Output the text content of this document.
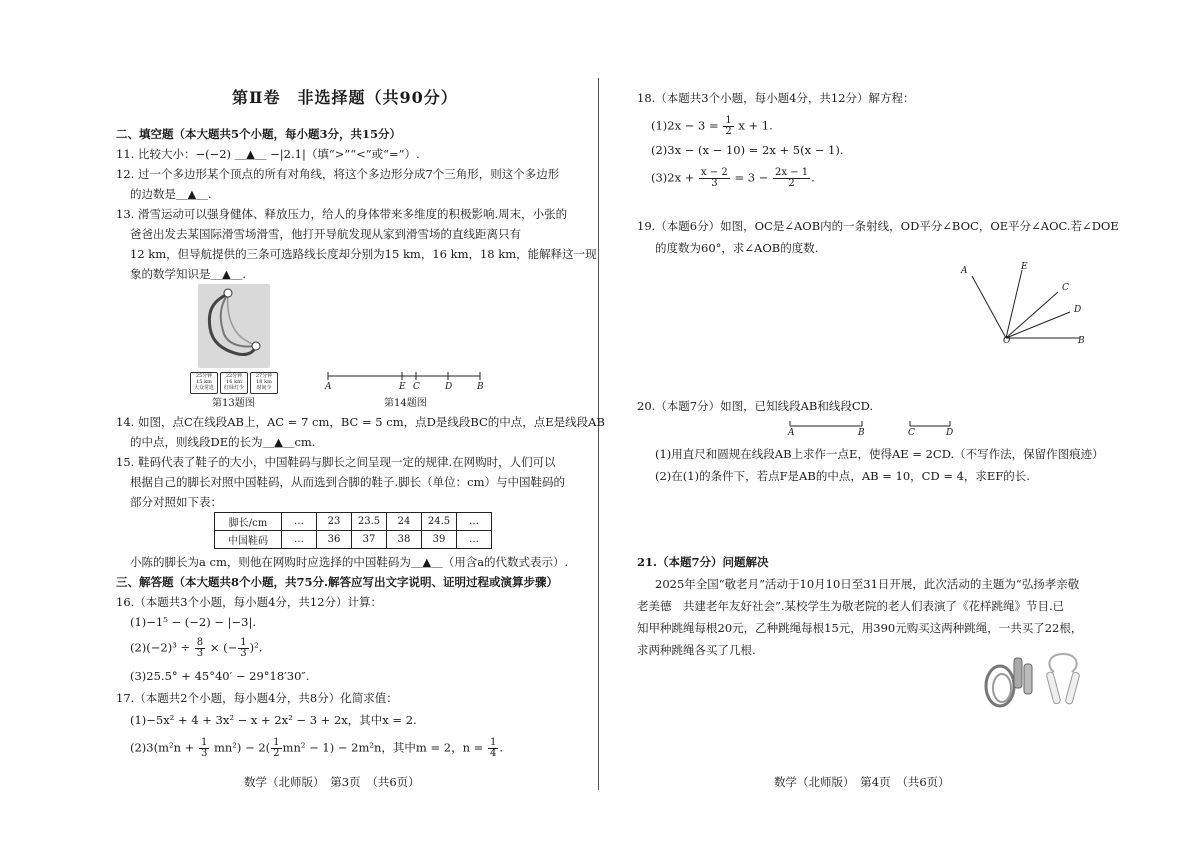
第Ⅱ卷　非选择题（共90分）
二、填空题（本大题共5个小题，每小题3分，共15分）
11. 比较大小：−(−2) ＿▲＿ −|2.1|（填“>”“<”或“=”）.
12. 过一个多边形某个顶点的所有对角线，将这个多边形分成7个三角形，则这个多边形
的边数是＿▲＿.
13. 滑雪运动可以强身健体、释放压力，给人的身体带来多维度的积极影响.周末，小张的
爸爸出发去某国际滑雪场滑雪，他打开导航发现从家到滑雪场的直线距离只有
12 km，但导航提供的三条可选路线长度却分别为15 km，16 km，18 km，能解释这一现
象的数学知识是＿▲＿.
25分钟
15 km
大众常选
22分钟
16 km
红绿灯少
27分钟
18 km
时间少
第13题图
A	E C	D	B
第14题图
14. 如图，点C在线段AB上，AC = 7 cm，BC = 5 cm，点D是线段BC的中点，点E是线段AB
的中点，则线段DE的长为＿▲＿cm.
15. 鞋码代表了鞋子的大小，中国鞋码与脚长之间呈现一定的规律.在网购时，人们可以
根据自己的脚长对照中国鞋码，从而选到合脚的鞋子.脚长（单位：cm）与中国鞋码的
部分对照如下表：
脚长/cm	…	23	23.5	24	24.5	…
中国鞋码	…	36	37	38	39	…
小陈的脚长为a cm，则他在网购时应选择的中国鞋码为＿▲＿（用含a的代数式表示）.
三、解答题（本大题共8个小题，共75分.解答应写出文字说明、证明过程或演算步骤）
16.（本题共3个小题，每小题4分，共12分）计算：
(1)−1⁵ − (−2) − |−3|.
$(2)(-2)^3 \div \frac{8}{3}$ × (− $\frac{1}{3} )^2$.
(3)25.5° + 45°40′ − 29°18′30″.
17.（本题共2个小题，每小题4分，共8分）化简求值：
(1)−5x² + 4 + 3x² − x + 2x² − 3 + 2x，其中x = 2.
$(2)3(m^2n + \frac{1}{3} mn^2) - 2( \frac{1}{2} mn^2 - 1) - 2m^2n$，其中m = 2，$n = \frac{1}{4}$ .
数学（北师版）　第3页　（共6页）
18.（本题共3个小题，每小题4分，共12分）解方程：
$(1)2x - 3 = \frac{1}{2}$ x + 1.
(2)3x − (x − 10) = 2x + 5(x − 1).
$(3)2x + \frac{x - 2}{3} = 3 - \frac{2x - 1}{2}$ .
19.（本题6分）如图，OC是∠AOB内的一条射线，OD平分∠BOC，OE平分∠AOC.若∠DOE
的度数为60°，求∠AOB的度数.
A	E
C
D
O	B
20.（本题7分）如图，已知线段AB和线段CD.
A	B	C	D
(1)用直尺和圆规在线段AB上求作一点E，使得AE = 2CD.（不写作法，保留作图痕迹）
(2)在(1)的条件下，若点F是AB的中点，AB = 10，CD = 4，求EF的长.
21.（本题7分）问题解决
2025年全国“敬老月”活动于10月10日至31日开展，此次活动的主题为“弘扬孝亲敬
老美德　共建老年友好社会”.某校学生为敬老院的老人们表演了《花样跳绳》节目.已
知甲种跳绳每根20元，乙种跳绳每根15元，用390元购买这两种跳绳，一共买了22根，
求两种跳绳各买了几根.
数学（北师版）　第4页　（共6页）
